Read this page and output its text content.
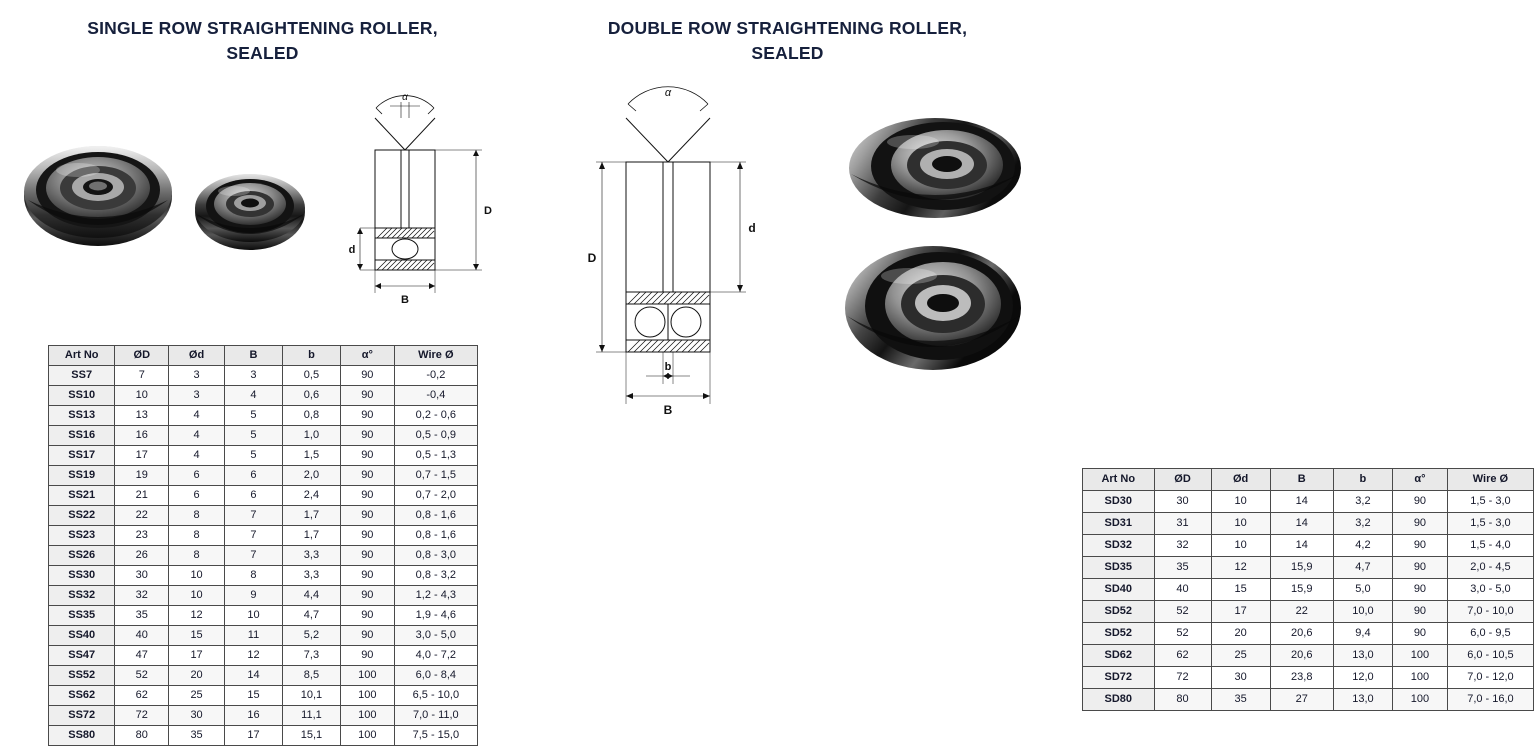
SINGLE ROW STRAIGHTENING ROLLER,
SEALED
α
d
D
B
Art No	ØD	Ød	B	b	α°	Wire Ø
SS7	7	3	3	0,5	90	-0,2
SS10	10	3	4	0,6	90	-0,4
SS13	13	4	5	0,8	90	0,2 - 0,6
SS16	16	4	5	1,0	90	0,5 - 0,9
SS17	17	4	5	1,5	90	0,5 - 1,3
SS19	19	6	6	2,0	90	0,7 - 1,5
SS21	21	6	6	2,4	90	0,7 - 2,0
SS22	22	8	7	1,7	90	0,8 - 1,6
SS23	23	8	7	1,7	90	0,8 - 1,6
SS26	26	8	7	3,3	90	0,8 - 3,0
SS30	30	10	8	3,3	90	0,8 - 3,2
SS32	32	10	9	4,4	90	1,2 - 4,3
SS35	35	12	10	4,7	90	1,9 - 4,6
SS40	40	15	11	5,2	90	3,0 - 5,0
SS47	47	17	12	7,3	90	4,0 - 7,2
SS52	52	20	14	8,5	100	6,0 - 8,4
SS62	62	25	15	10,1	100	6,5 - 10,0
SS72	72	30	16	11,1	100	7,0 - 11,0
SS80	80	35	17	15,1	100	7,5 - 15,0
DOUBLE ROW STRAIGHTENING ROLLER,
SEALED
α
D
d
b
B
Art No	ØD	Ød	B	b	α°	Wire Ø
SD30	30	10	14	3,2	90	1,5 - 3,0
SD31	31	10	14	3,2	90	1,5 - 3,0
SD32	32	10	14	4,2	90	1,5 - 4,0
SD35	35	12	15,9	4,7	90	2,0 - 4,5
SD40	40	15	15,9	5,0	90	3,0 - 5,0
SD52	52	17	22	10,0	90	7,0 - 10,0
SD52	52	20	20,6	9,4	90	6,0 - 9,5
SD62	62	25	20,6	13,0	100	6,0 - 10,5
SD72	72	30	23,8	12,0	100	7,0 - 12,0
SD80	80	35	27	13,0	100	7,0 - 16,0
